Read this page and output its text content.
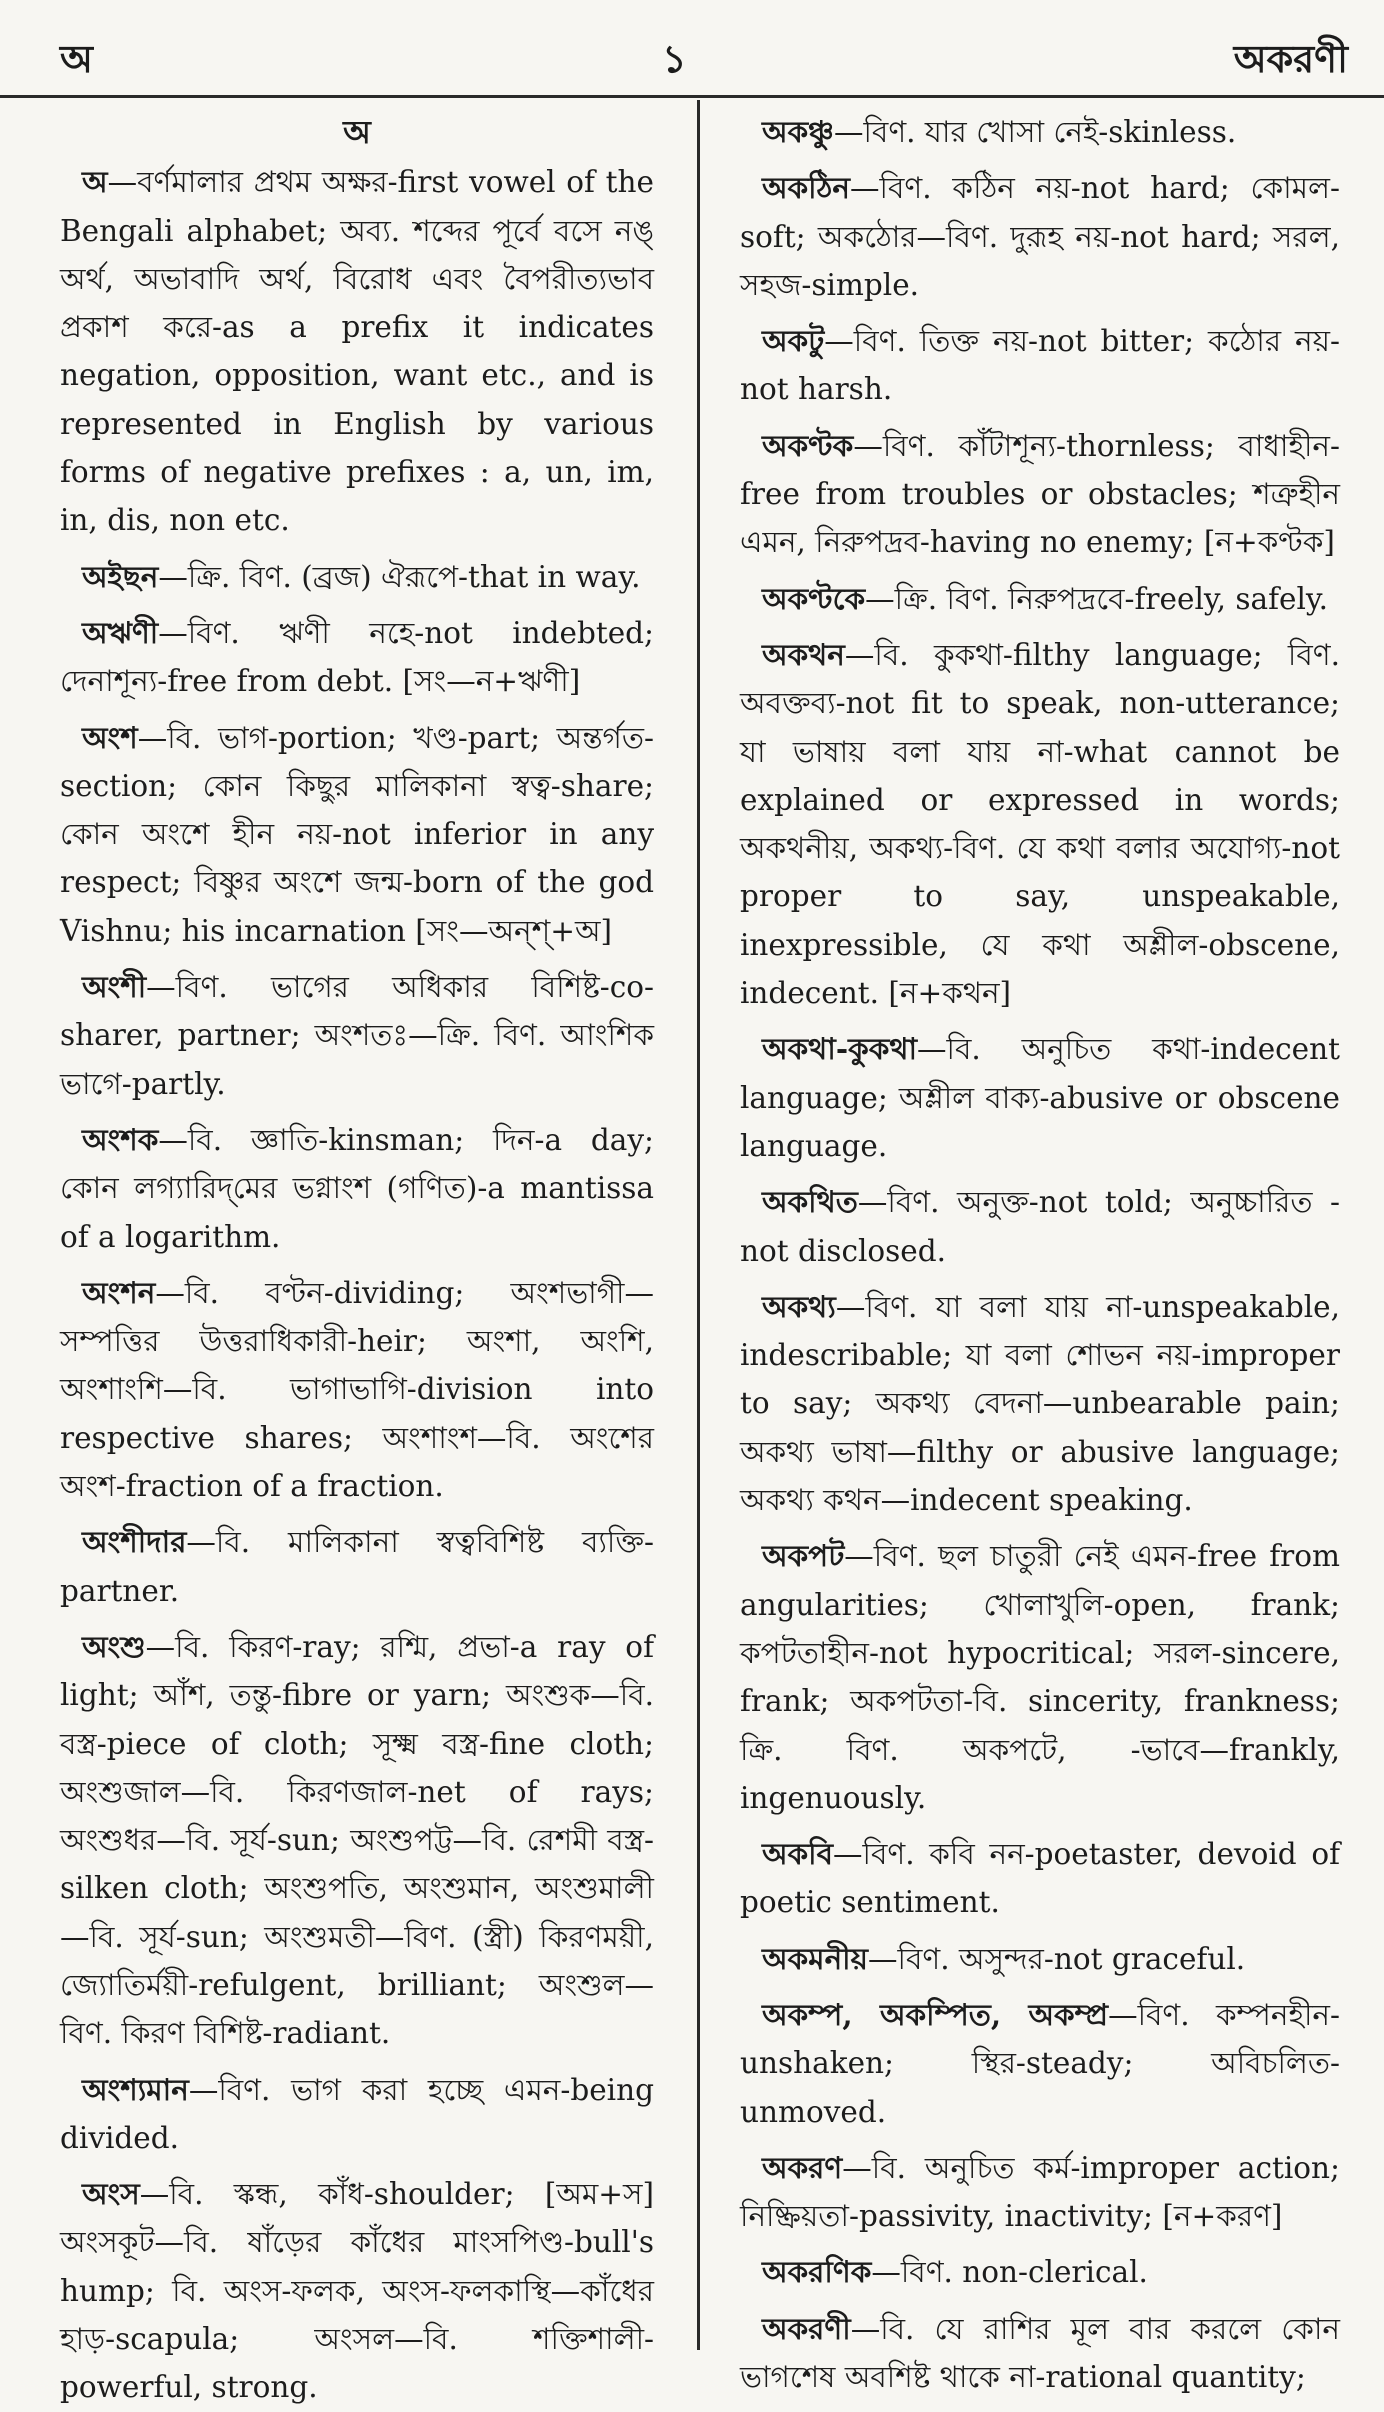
অ	১	অকরণী
অ

অ—বর্ণমালার প্রথম অক্ষর-first vowel of the Bengali alphabet; অব্য. শব্দের পূর্বে বসে নঙ্‌ অর্থ, অভাবাদি অর্থ, বিরোধ এবং বৈপরীত্যভাব প্রকাশ করে-as a prefix it indicates negation, opposition, want etc., and is represented in English by various forms of negative prefixes : a, un, im, in, dis, non etc.

অইছন—ক্রি. বিণ. (ব্রজ) ঐরূপে-that in way.

অঋণী—বিণ. ঋণী নহে-not indebted; দেনাশূন্য-free from debt. [সং—ন+ঋণী]

অংশ—বি. ভাগ-portion; খণ্ড-part; অন্তর্গত-section; কোন কিছুর মালিকানা স্বত্ব-share; কোন অংশে হীন নয়-not inferior in any respect; বিষ্ণুর অংশে জন্ম-born of the god Vishnu; his incarnation [সং—অন্‌শ্‌+অ]

অংশী—বিণ. ভাগের অধিকার বিশিষ্ট-co-sharer, partner; অংশতঃ—ক্রি. বিণ. আংশিক ভাগে-partly.

অংশক—বি. জ্ঞাতি-kinsman; দিন-a day; কোন লগ্যারিদ্‌মের ভগ্নাংশ (গণিত)-a mantissa of a logarithm.

অংশন—বি. বণ্টন-dividing; অংশভাগী—সম্পত্তির উত্তরাধিকারী-heir; অংশা, অংশি, অংশাংশি—বি. ভাগাভাগি-division into respective shares; অংশাংশ—বি. অংশের অংশ-fraction of a fraction.

অংশীদার—বি. মালিকানা স্বত্ববিশিষ্ট ব্যক্তি-partner.

অংশু—বি. কিরণ-ray; রশ্মি, প্রভা-a ray of light; আঁশ, তন্তু-fibre or yarn; অংশুক—বি. বস্ত্র-piece of cloth; সূক্ষ্ম বস্ত্র-fine cloth; অংশুজাল—বি. কিরণজাল-net of rays; অংশুধর—বি. সূর্য-sun; অংশুপট্ট—বি. রেশমী বস্ত্র-silken cloth; অংশুপতি, অংশুমান, অংশুমালী—বি. সূর্য-sun; অংশুমতী—বিণ. (স্ত্রী) কিরণময়ী, জ্যোতির্ময়ী-refulgent, brilliant; অংশুল—বিণ. কিরণ বিশিষ্ট-radiant.

অংশ্যমান—বিণ. ভাগ করা হচ্ছে এমন-being divided.

অংস—বি. স্কন্ধ, কাঁধ-shoulder; [অম+স] অংসকূট—বি. ষাঁড়ের কাঁধের মাংসপিণ্ড-bull's hump; বি. অংস-ফলক, অংস-ফলকাস্থি—কাঁধের হাড়-scapula; অংসল—বি. শক্তিশালী-powerful, strong.

অকঞ্চু—বিণ. যার খোসা নেই-skinless.

অকঠিন—বিণ. কঠিন নয়-not hard; কোমল-soft; অকঠোর—বিণ. দুরূহ নয়-not hard; সরল, সহজ-simple.

অকটু—বিণ. তিক্ত নয়-not bitter; কঠোর নয়-not harsh.

অকণ্টক—বিণ. কাঁটাশূন্য-thornless; বাধাহীন-free from troubles or obstacles; শত্রুহীন এমন, নিরুপদ্রব-having no enemy; [ন+কণ্টক]

অকণ্টকে—ক্রি. বিণ. নিরুপদ্রবে-freely, safely.

অকথন—বি. কুকথা-filthy language; বিণ. অবক্তব্য-not fit to speak, non-utterance; যা ভাষায় বলা যায় না-what cannot be explained or expressed in words; অকথনীয়, অকথ্য-বিণ. যে কথা বলার অযোগ্য-not proper to say, unspeakable, inexpressible, যে কথা অশ্লীল-obscene, indecent. [ন+কথন]

অকথা-কুকথা—বি. অনুচিত কথা-indecent language; অশ্লীল বাক্য-abusive or obscene language.

অকথিত—বিণ. অনুক্ত-not told; অনুচ্চারিত - not disclosed.

অকথ্য—বিণ. যা বলা যায় না-unspeakable, indescribable; যা বলা শোভন নয়-improper to say; অকথ্য বেদনা—unbearable pain; অকথ্য ভাষা—filthy or abusive language; অকথ্য কথন—indecent speaking.

অকপট—বিণ. ছল চাতুরী নেই এমন-free from angularities; খোলাখুলি-open, frank; কপটতাহীন-not hypocritical; সরল-sincere, frank; অকপটতা-বি. sincerity, frankness; ক্রি. বিণ. অকপটে, -ভাবে—frankly, ingenuously.

অকবি—বিণ. কবি নন-poetaster, devoid of poetic sentiment.

অকমনীয়—বিণ. অসুন্দর-not graceful.

অকম্প, অকম্পিত, অকম্প্র—বিণ. কম্পনহীন-unshaken; স্থির-steady; অবিচলিত-unmoved.

অকরণ—বি. অনুচিত কর্ম-improper action; নিষ্ক্রিয়তা-passivity, inactivity; [ন+করণ]

অকরণিক—বিণ. non-clerical.

অকরণী—বি. যে রাশির মূল বার করলে কোন ভাগশেষ অবশিষ্ট থাকে না-rational quantity;
